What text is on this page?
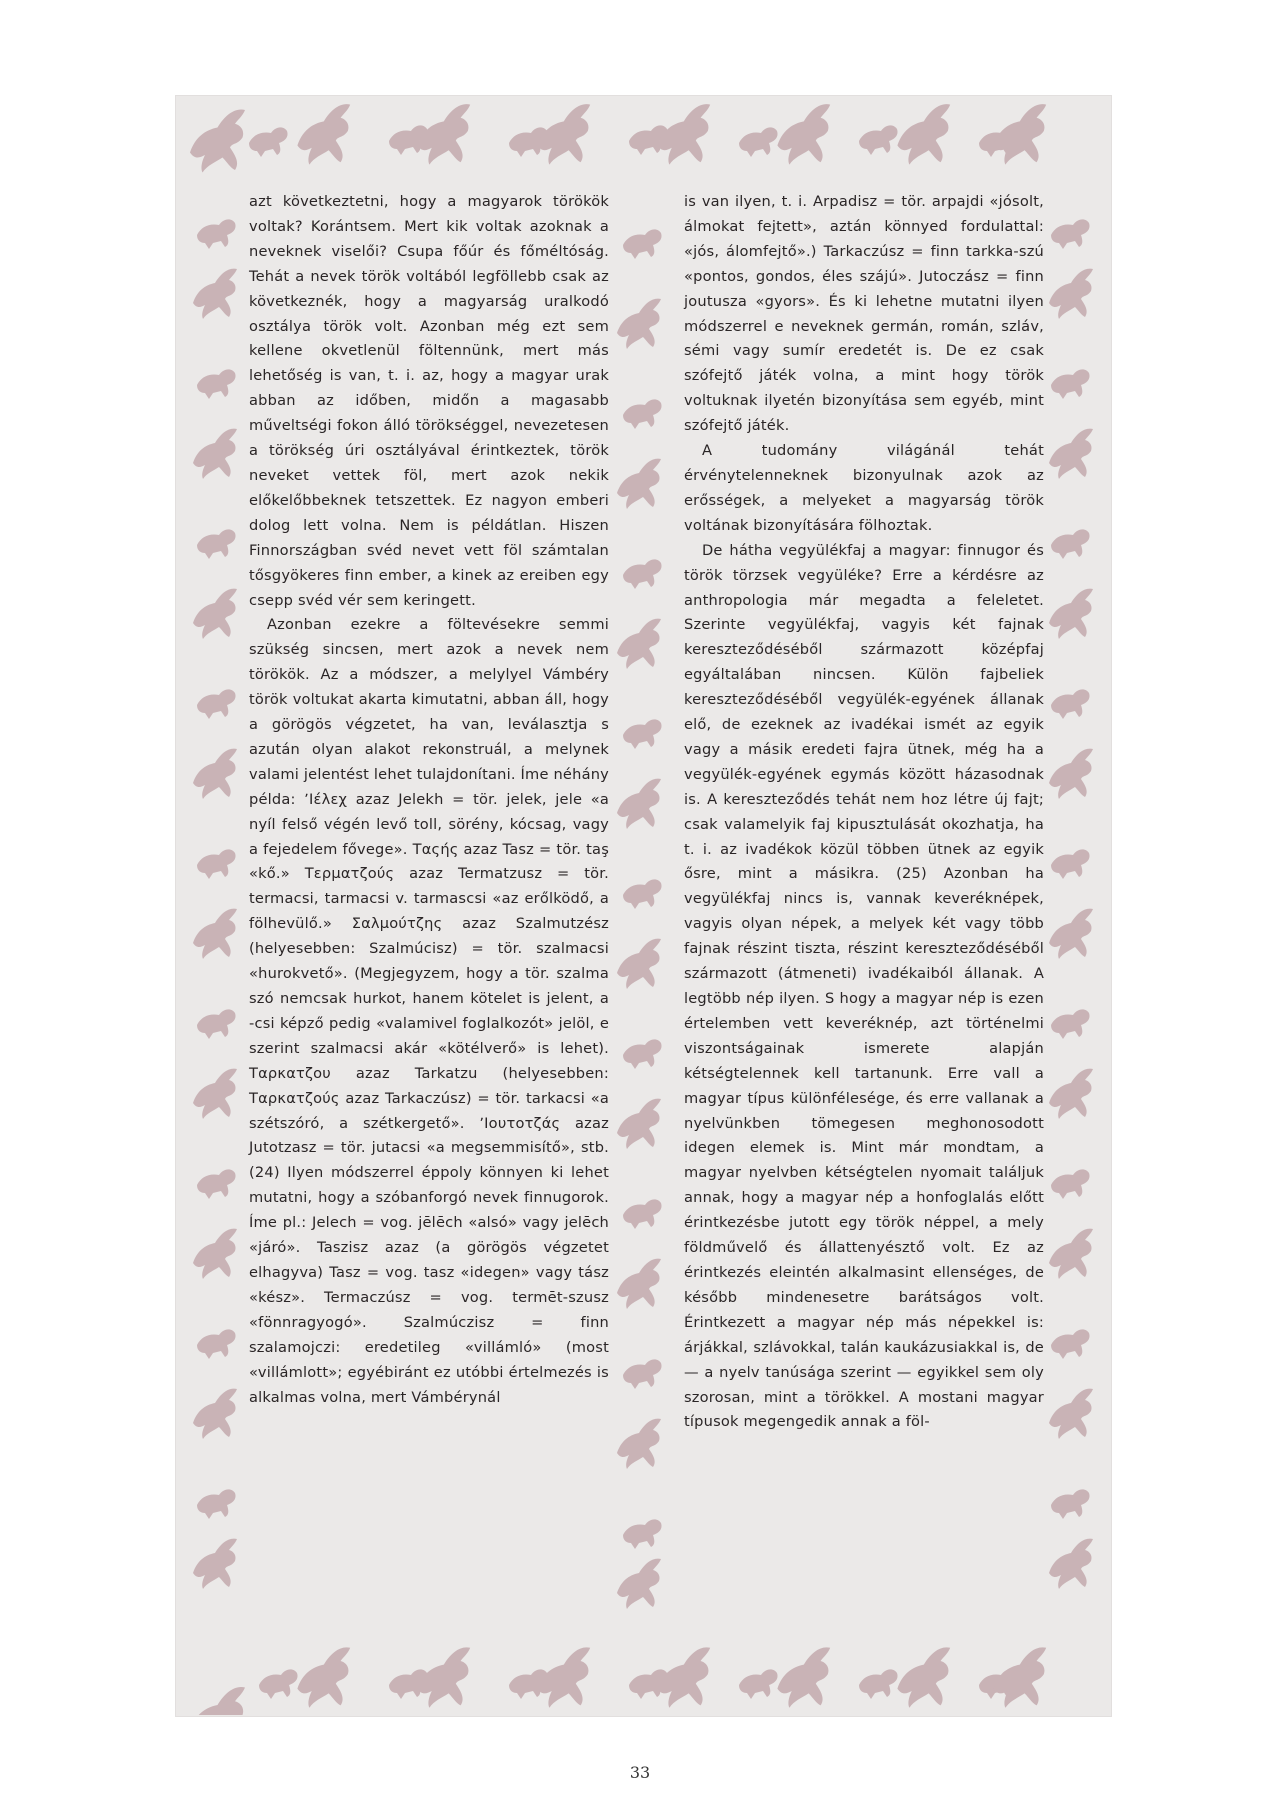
azt következtetni, hogy a magyarok törökök voltak? Korántsem. Mert kik voltak azoknak a neveknek viselői? Csupa főúr és főméltóság. Tehát a nevek török voltából legföllebb csak az következnék, hogy a magyarság uralkodó osztálya török volt. Azonban még ezt sem kellene okvetlenül föltennünk, mert más lehetőség is van, t. i. az, hogy a magyar urak abban az időben, midőn a magasabb műveltségi fokon álló törökséggel, nevezetesen a törökség úri osztályával érintkeztek, török neveket vettek föl, mert azok nekik előkelőbbeknek tetszettek. Ez nagyon emberi dolog lett volna. Nem is példátlan. Hiszen Finnországban svéd nevet vett föl számtalan tősgyökeres finn ember, a kinek az ereiben egy csepp svéd vér sem keringett.

Azonban ezekre a föltevésekre semmi szükség sincsen, mert azok a nevek nem törökök. Az a módszer, a melylyel Vámbéry török voltukat akarta kimutatni, abban áll, hogy a görögös végzetet, ha van, leválasztja s azután olyan alakot rekonstruál, a melynek valami jelentést lehet tulajdonítani. Íme néhány példa: ʼΙέλεχ azaz Jelekh = tör. jelek, jele «a nyíl felső végén levő toll, sörény, kócsag, vagy a fejedelem fővege». Ταςής azaz Tasz = tör. taş «kő.» Τερματζούς azaz Termatzusz = tör. termacsi, tarmacsi v. tarmascsi «az erőlködő, a fölhevülő.» Σαλμούτζης azaz Szalmutzész (helyesebben: Szalmúcisz) = tör. szalmacsi «hurokvető». (Megjegyzem, hogy a tör. szalma szó nemcsak hurkot, hanem kötelet is jelent, a -csi képző pedig «valamivel foglalkozót» jelöl, e szerint szalmacsi akár «kötélverő» is lehet). Ταρκατζου azaz Tarkatzu (helyesebben: Ταρκατζούς azaz Tarkaczúsz) = tör. tarkacsi «a szétszóró, a szétkergető». ʼΙουτοτζάς azaz Jutotzasz = tör. jutacsi «a megsemmisítő», stb. (24) Ilyen módszerrel éppoly könnyen ki lehet mutatni, hogy a szóbanforgó nevek finnugorok. Íme pl.: Jelech = vog. jēlēch «alsó» vagy jelēch «járó». Taszisz azaz (a görögös végzetet elhagyva) Tasz = vog. tasz «idegen» vagy tász «kész». Termaczúsz = vog. termēt-szusz «fönnragyogó». Szalmúczisz = finn szalamojczi: eredetileg «villámló» (most «villámlott»; egyébiránt ez utóbbi értelmezés is alkalmas volna, mert Vámbérynál

is van ilyen, t. i. Arpadisz = tör. arpajdi «jósolt, álmokat fejtett», aztán könnyed fordulattal: «jós, álomfejtő».) Tarkaczúsz = finn tarkka-szú «pontos, gondos, éles szájú». Jutoczász = finn joutusza «gyors». És ki lehetne mutatni ilyen módszerrel e neveknek germán, román, szláv, sémi vagy sumír eredetét is. De ez csak szófejtő játék volna, a mint hogy török voltuknak ilyetén bizonyítása sem egyéb, mint szófejtő játék.

A tudomány világánál tehát érvénytelenneknek bizonyulnak azok az erősségek, a melyeket a magyarság török voltának bizonyítására fölhoztak.

De hátha vegyülékfaj a magyar: finnugor és török törzsek vegyüléke? Erre a kérdésre az anthropologia már megadta a feleletet. Szerinte vegyülékfaj, vagyis két fajnak kereszteződéséből származott középfaj egyáltalában nincsen. Külön fajbeliek kereszteződéséből vegyülék-egyének állanak elő, de ezeknek az ivadékai ismét az egyik vagy a másik eredeti fajra ütnek, még ha a vegyülék-egyének egymás között házasodnak is. A kereszteződés tehát nem hoz létre új fajt; csak valamelyik faj kipusztulását okozhatja, ha t. i. az ivadékok közül többen ütnek az egyik ősre, mint a másikra. (25) Azonban ha vegyülékfaj nincs is, vannak keveréknépek, vagyis olyan népek, a melyek két vagy több fajnak részint tiszta, részint kereszteződéséből származott (átmeneti) ivadékaiból állanak. A legtöbb nép ilyen. S hogy a magyar nép is ezen értelemben vett keveréknép, azt történelmi viszontságainak ismerete alapján kétségtelennek kell tartanunk. Erre vall a magyar típus különfélesége, és erre vallanak a nyelvünkben tömegesen meghonosodott idegen elemek is. Mint már mondtam, a magyar nyelvben kétségtelen nyomait találjuk annak, hogy a magyar nép a honfoglalás előtt érintkezésbe jutott egy török néppel, a mely földművelő és állattenyésztő volt. Ez az érintkezés eleintén alkalmasint ellenséges, de később mindenesetre barátságos volt. Érintkezett a magyar nép más népekkel is: árjákkal, szlávokkal, talán kaukázusiakkal is, de — a nyelv tanúsága szerint — egyikkel sem oly szorosan, mint a törökkel. A mostani magyar típusok megengedik annak a föl-

33
